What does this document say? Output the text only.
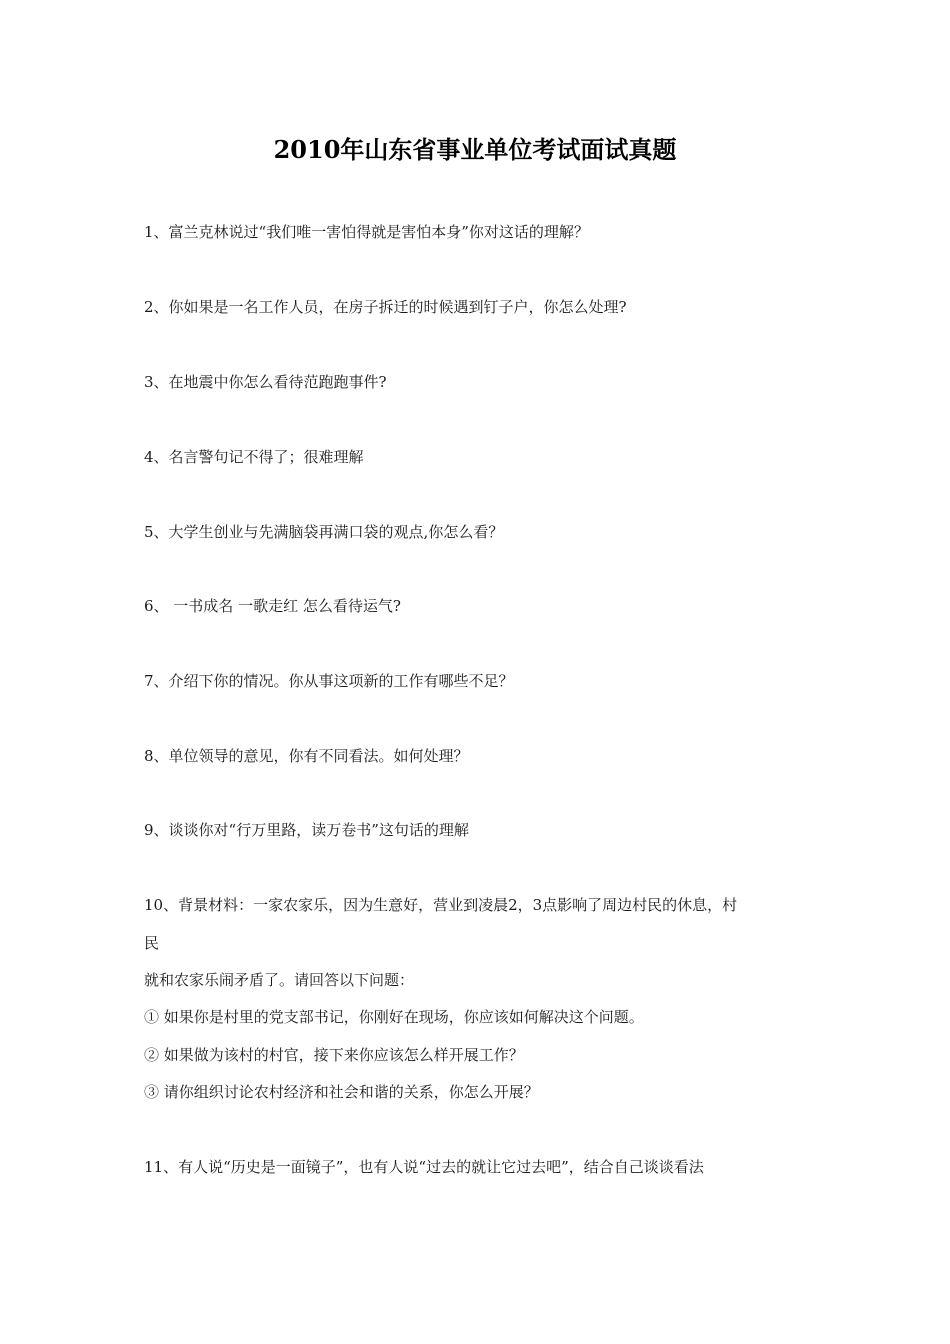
2010年山东省事业单位考试面试真题
1、富兰克林说过“我们唯一害怕得就是害怕本身”你对这话的理解？
2、你如果是一名工作人员，在房子拆迁的时候遇到钉子户，你怎么处理?
3、在地震中你怎么看待范跑跑事件?
4、名言警句记不得了；很难理解
5、大学生创业与先满脑袋再满口袋的观点,你怎么看？
6、 一书成名 一歌走红 怎么看待运气?
7、介绍下你的情况。你从事这项新的工作有哪些不足？
8、单位领导的意见，你有不同看法。如何处理？
9、谈谈你对“行万里路，读万卷书”这句话的理解
10、背景材料：一家农家乐，因为生意好，营业到凌晨2，3点影响了周边村民的休息，村
民
就和农家乐闹矛盾了。请回答以下问题：
① 如果你是村里的党支部书记，你刚好在现场，你应该如何解决这个问题。
② 如果做为该村的村官，接下来你应该怎么样开展工作？
③ 请你组织讨论农村经济和社会和谐的关系，你怎么开展？
11、有人说“历史是一面镜子”，也有人说“过去的就让它过去吧”，结合自己谈谈看法
